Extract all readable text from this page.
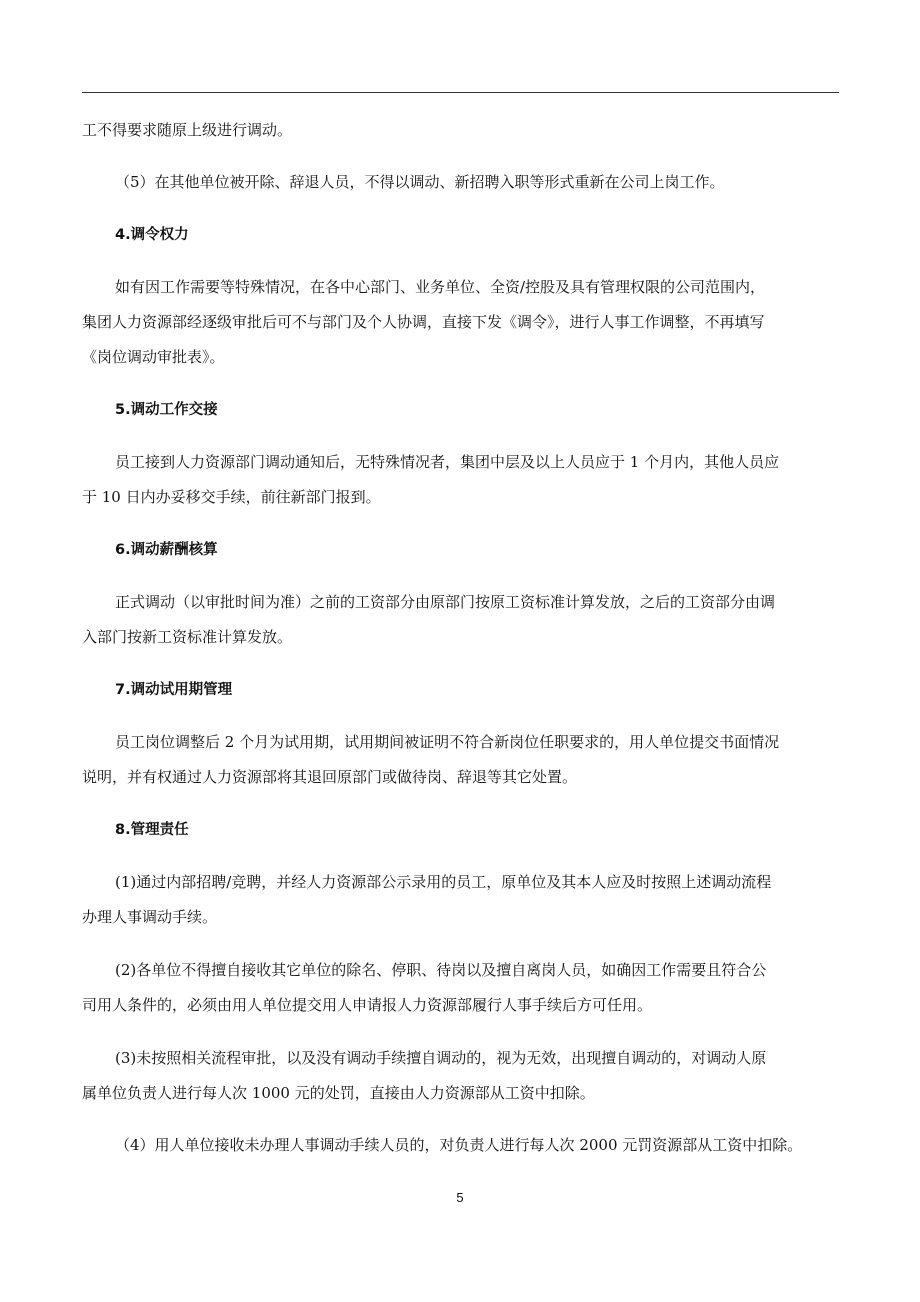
工不得要求随原上级进行调动。
（5）在其他单位被开除、辞退人员，不得以调动、新招聘入职等形式重新在公司上岗工作。
4.调令权力
如有因工作需要等特殊情况，在各中心部门、业务单位、全资/控股及具有管理权限的公司范围内，
集团人力资源部经逐级审批后可不与部门及个人协调，直接下发《调令》，进行人事工作调整，不再填写
《岗位调动审批表》。
5.调动工作交接
员工接到人力资源部门调动通知后，无特殊情况者，集团中层及以上人员应于 1 个月内，其他人员应
于 10 日内办妥移交手续，前往新部门报到。
6.调动薪酬核算
正式调动（以审批时间为准）之前的工资部分由原部门按原工资标准计算发放，之后的工资部分由调
入部门按新工资标准计算发放。
7.调动试用期管理
员工岗位调整后 2 个月为试用期，试用期间被证明不符合新岗位任职要求的，用人单位提交书面情况
说明，并有权通过人力资源部将其退回原部门或做待岗、辞退等其它处置。
8.管理责任
(1)通过内部招聘/竞聘，并经人力资源部公示录用的员工，原单位及其本人应及时按照上述调动流程
办理人事调动手续。
(2)各单位不得擅自接收其它单位的除名、停职、待岗以及擅自离岗人员，如确因工作需要且符合公
司用人条件的，必须由用人单位提交用人申请报人力资源部履行人事手续后方可任用。
(3)未按照相关流程审批，以及没有调动手续擅自调动的，视为无效，出现擅自调动的，对调动人原
属单位负责人进行每人次 1000 元的处罚，直接由人力资源部从工资中扣除。
（4）用人单位接收未办理人事调动手续人员的，对负责人进行每人次 2000 元罚资源部从工资中扣除。
5
